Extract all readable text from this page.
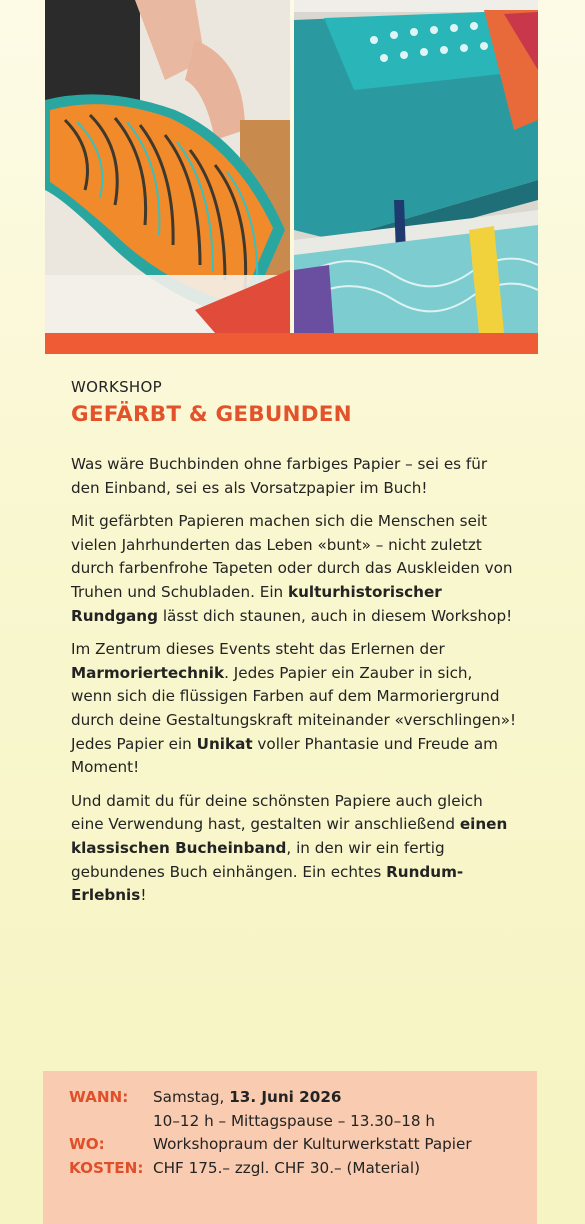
WORKSHOP
GEFÄRBT & GEBUNDEN

Was wäre Buchbinden ohne farbiges Papier – sei es für den Einband, sei es als Vorsatzpapier im Buch!

Mit gefärbten Papieren machen sich die Menschen seit vielen Jahrhunderten das Leben «bunt» – nicht zuletzt durch farbenfrohe Tapeten oder durch das Auskleiden von Truhen und Schubladen. Ein kulturhistorischer Rundgang lässt dich staunen, auch in diesem Workshop!

Im Zentrum dieses Events steht das Erlernen der Marmoriertechnik. Jedes Papier ein Zauber in sich, wenn sich die flüssigen Farben auf dem Marmoriergrund durch deine Gestaltungskraft miteinander «verschlingen»! Jedes Papier ein Unikat voller Phantasie und Freude am Moment!

Und damit du für deine schönsten Papiere auch gleich eine Verwendung hast, gestalten wir anschließend einen klassischen Bucheinband, in den wir ein fertig gebundenes Buch einhängen. Ein echtes Rundum-Erlebnis!

WANN:	Samstag, 13. Juni 2026
10–12 h – Mittagspause – 13.30–18 h
WO:	Workshopraum der Kulturwerkstatt Papier
KOSTEN: CHF 175.– zzgl. CHF 30.– (Material)
